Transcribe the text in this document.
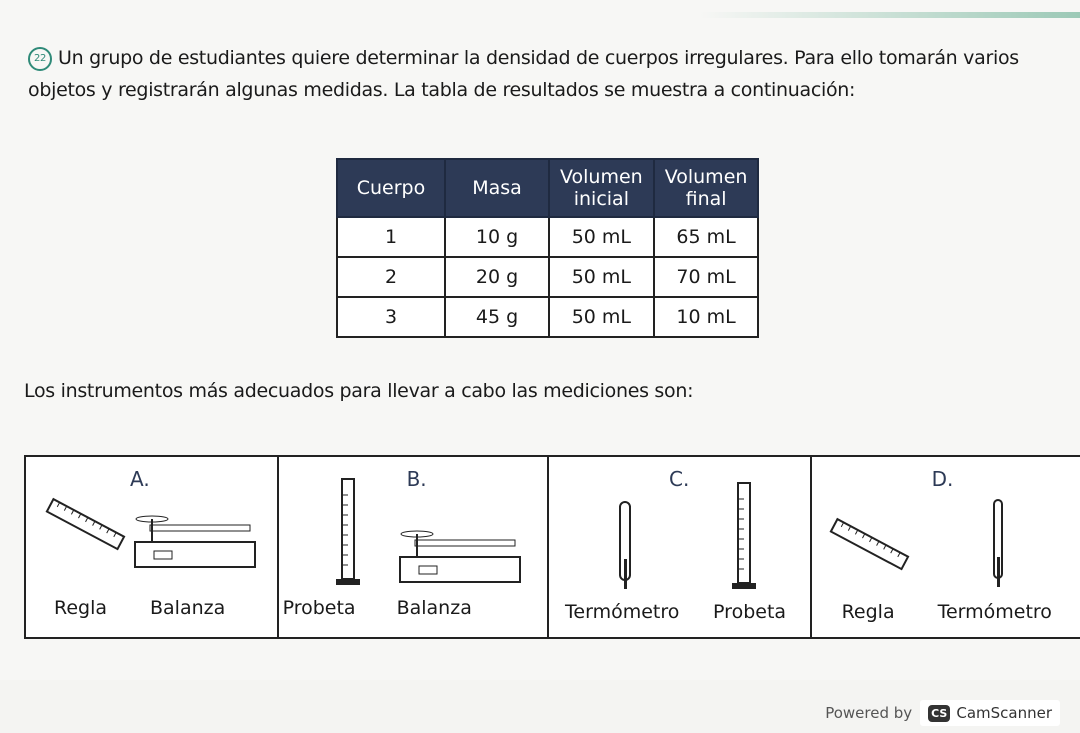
22 Un grupo de estudiantes quiere determinar la densidad de cuerpos irregulares. Para ello tomarán varios objetos y registrarán algunas medidas. La tabla de resultados se muestra a continuación:
Cuerpo	Masa	Volumen inicial	Volumen final
1	10 g	50 mL	65 mL
2	20 g	50 mL	70 mL
3	45 g	50 mL	10 mL
Los instrumentos más adecuados para llevar a cabo las mediciones son:
A.
Regla Balanza
B.
Probeta Balanza
C.
Termómetro Probeta
D.
Regla Termómetro
Powered by CS CamScanner
